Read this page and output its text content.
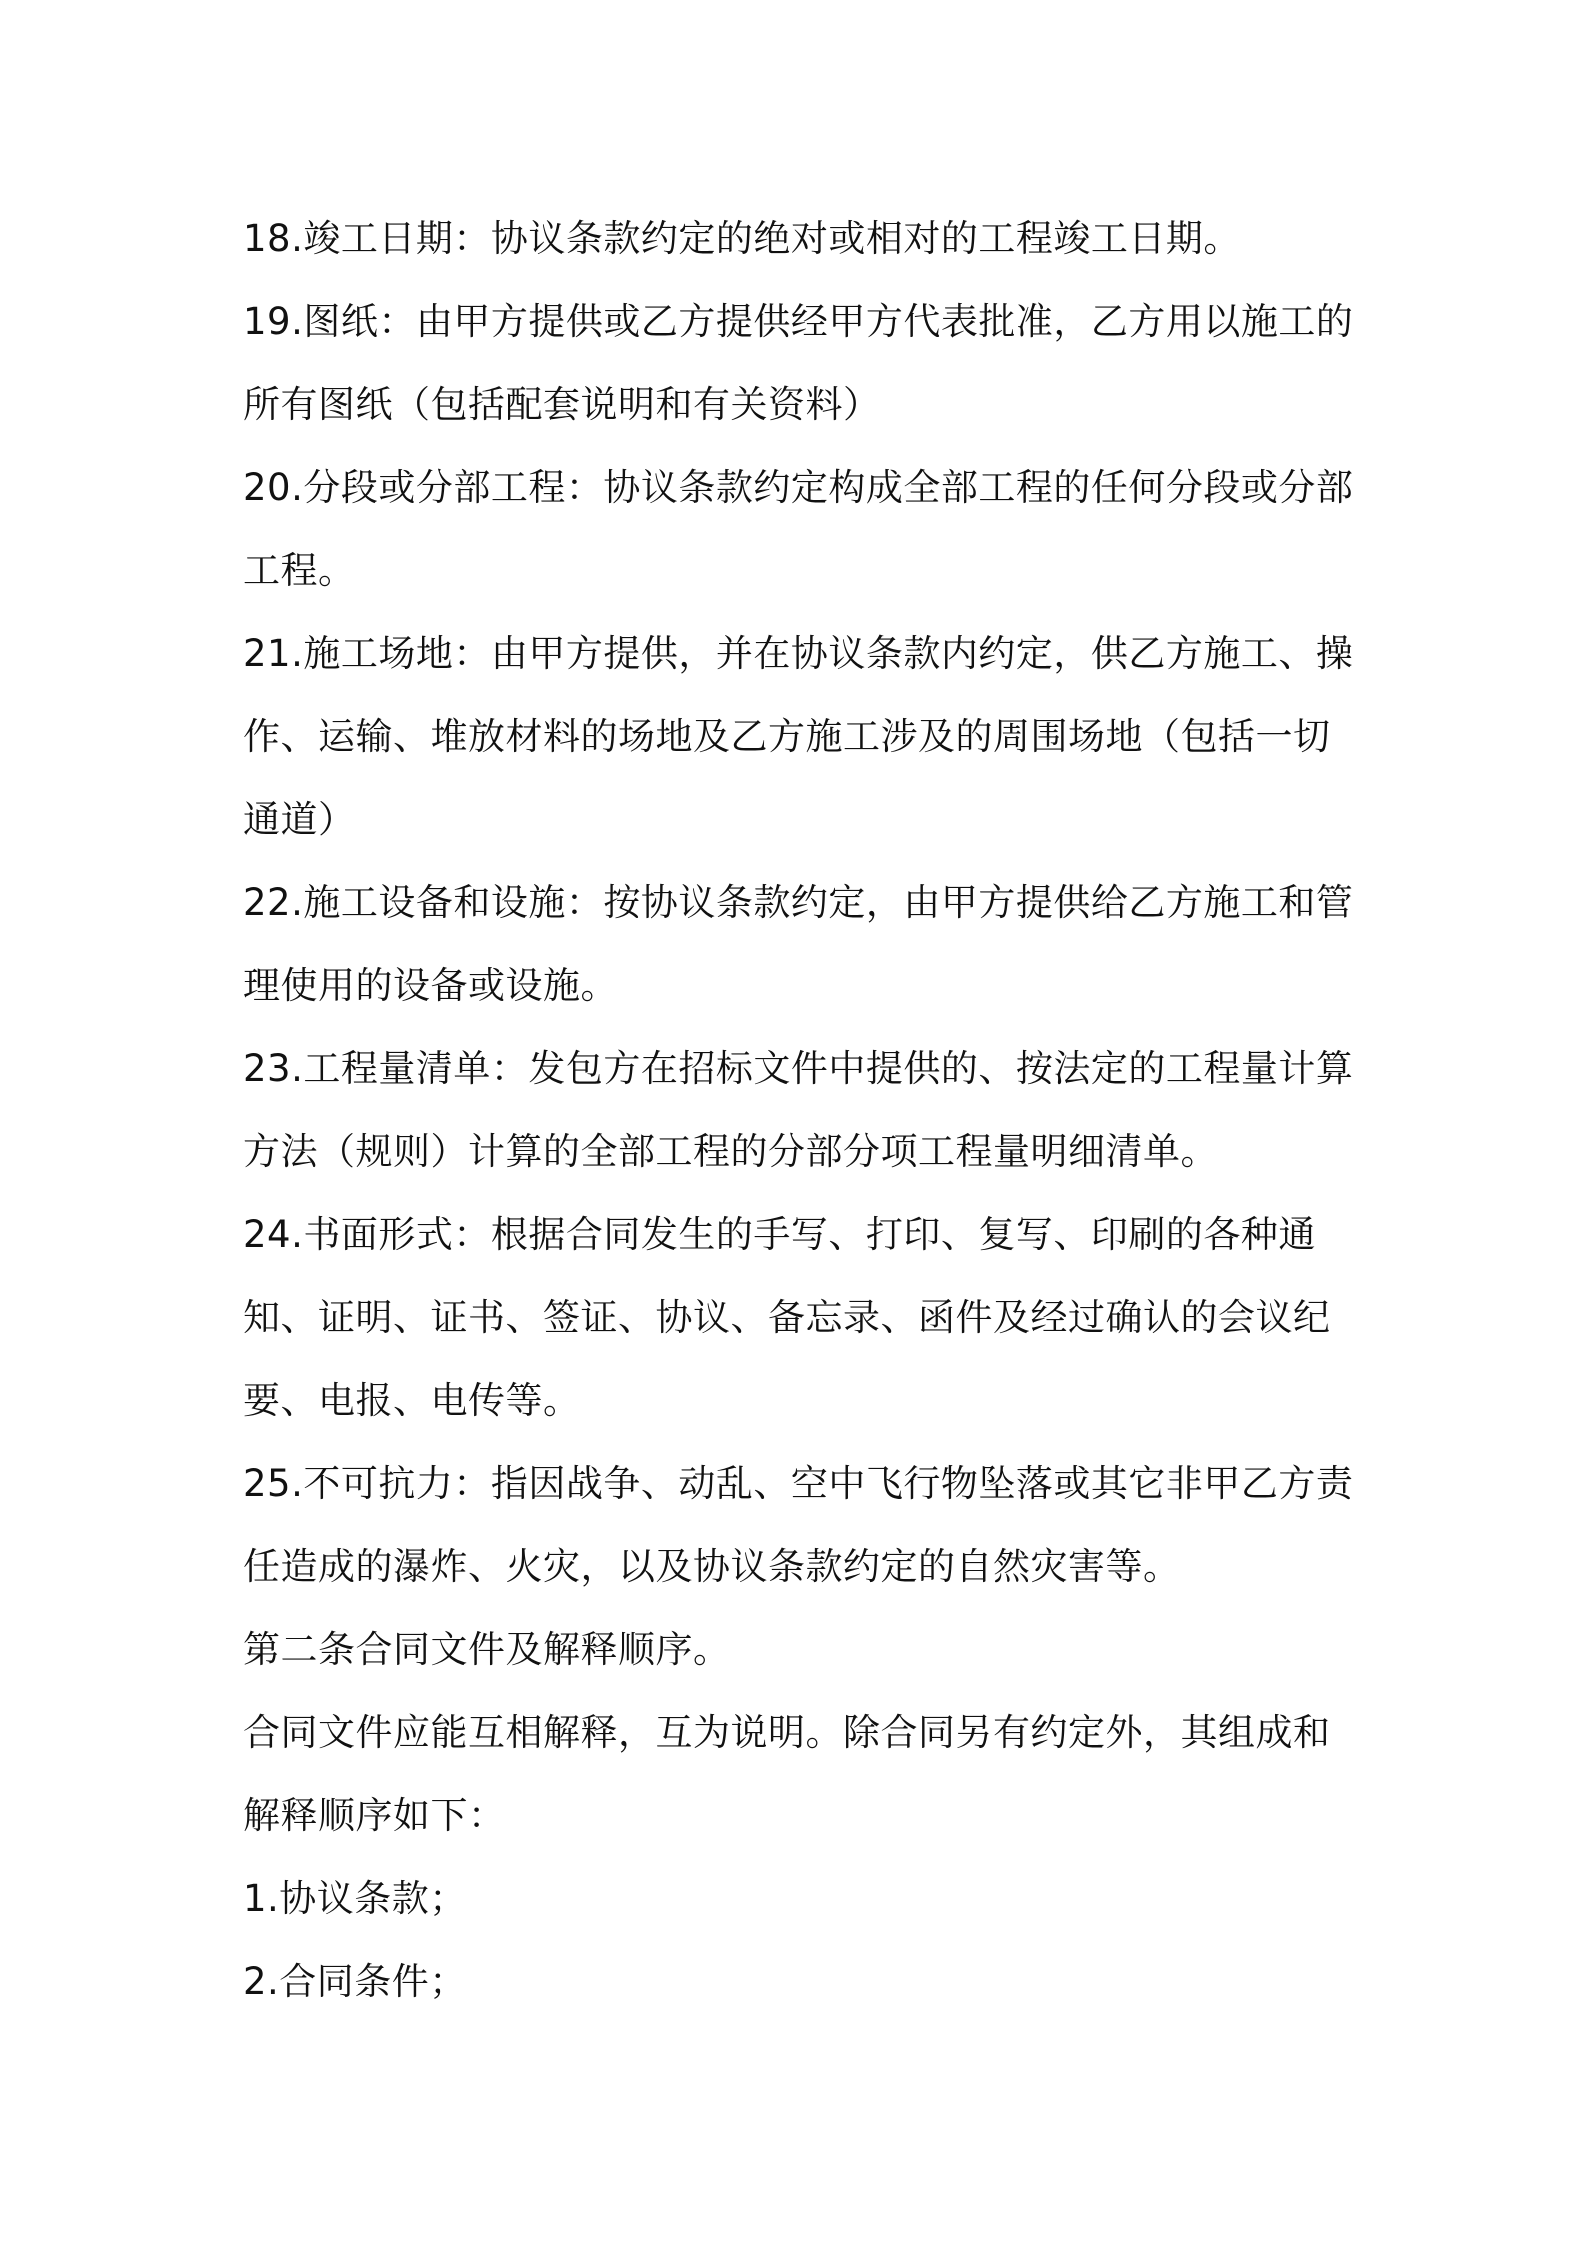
18.竣工日期：协议条款约定的绝对或相对的工程竣工日期。

19.图纸：由甲方提供或乙方提供经甲方代表批准，乙方用以施工的所有图纸（包括配套说明和有关资料）

20.分段或分部工程：协议条款约定构成全部工程的任何分段或分部工程。

21.施工场地：由甲方提供，并在协议条款内约定，供乙方施工、操作、运输、堆放材料的场地及乙方施工涉及的周围场地（包括一切通道）

22.施工设备和设施：按协议条款约定，由甲方提供给乙方施工和管理使用的设备或设施。

23.工程量清单：发包方在招标文件中提供的、按法定的工程量计算方法（规则）计算的全部工程的分部分项工程量明细清单。

24.书面形式：根据合同发生的手写、打印、复写、印刷的各种通知、证明、证书、签证、协议、备忘录、函件及经过确认的会议纪要、电报、电传等。

25.不可抗力：指因战争、动乱、空中飞行物坠落或其它非甲乙方责任造成的瀑炸、火灾，以及协议条款约定的自然灾害等。

第二条合同文件及解释顺序。

合同文件应能互相解释，互为说明。除合同另有约定外，其组成和解释顺序如下：

1.协议条款；

2.合同条件；
